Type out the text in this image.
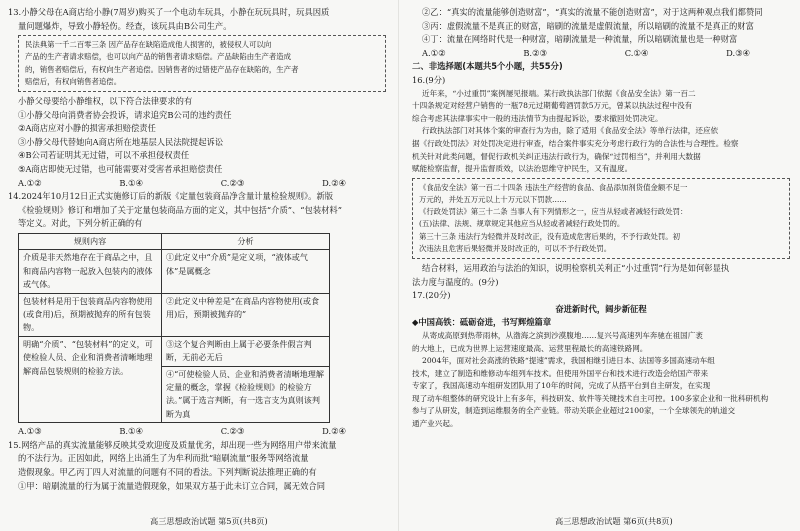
13.小静父母在A商店给小静(7周岁)购买了一个电动车玩具，小静在玩玩具时，玩具因质
量问题爆炸，导致小静轻伤。经查，该玩具由B公司生产。
民法典第一千二百零三条 因产品存在缺陷造成他人损害的，被侵权人可以向
产品的生产者请求赔偿，也可以向产品的销售者请求赔偿。产品缺陷由生产者造成
的，销售者赔偿后，有权向生产者追偿。因销售者的过错使产品存在缺陷的，生产者
赔偿后，有权向销售者追偿。
小静父母要给小静维权，以下符合法律要求的有
①小静父母向消费者协会投诉，请求追究B公司的违约责任
②A商店应对小静的损害承担赔偿责任
③小静父母代替她向A商店所在地基层人民法院提起诉讼
④B公司若证明其无过错，可以不承担侵权责任
⑤A商店即使无过错，也可能需要对受害者承担赔偿责任
A.①②	B.①④	C.②③	D.②④
14.2024年10月12日正式实施修订后的新版《定量包装商品净含量计量检验规则》。新版
《检验规则》修订和增加了关于定量包装商品方面的定义，其中包括“介质”、“包装材料”
等定义。对此，下列分析正确的有
规则内容	分析
介质是非天然地存在于商品之中，且和商品内容物一起放入包装内的液体或气体。	①此定义中“介质”是定义项，“液体或气体”是属概念
包装材料是用于包装商品内容物使用(或食用)后，预期被抛弃的所有包装物。	②此定义中种差是“在商品内容物使用(或食用)后，预期被抛弃的”
明确“介质”、“包装材料”的定义，可使检验人员、企业和消费者清晰地理解商品包装规则的检验方法。	③这个复合判断由上属于必要条件假言判断，无前必无后
	④“可使检验人员、企业和消费者清晰地理解定量的概念，掌握《检验规则》的检验方法。”属于选言判断，有一选言支为真则该判断为真
A.①③	B.①④	C.②③	D.②④
15.网络产品的真实流量能够反映其受欢迎度及质量优劣，却出现一些为网络用户带来流量
的不法行为。正因如此，网络上出涌生了为牟利而批“暗刷流量”服务等网络流量
造假现象。甲乙丙丁四人对流量的问题有不同的看法。下列判断说法推理正确的有
①甲：暗刷流量的行为属于流量造假现象，如果双方基于此未订立合同，属无效合同
高三思想政治试题 第5页(共8页)
②乙：“真实的流量能够创造财富”，“真实的流量不能创造财富”，对于这两种观点我们都赞同
③丙：虚假流量不是真正的财富，暗刷的流量是虚假流量，所以暗刷的流量不是真正的财富
④丁：流量在网络时代是一种财富，暗刷流量是一种流量，所以暗刷流量也是一种财富
A.①②	B.②③	C.①④	D.③④
二、非选择题(本题共5个小题，共55分)
16.(9分)
近年来，“小过重罚”案例屡见报端。某行政执法部门依据《食品安全法》第一百二
十四条规定对经营户销售的一瓶78元过期葡萄酒罚款5万元，曾某以执法过程中没有
综合考虑其法律事实中一般的违法情节为由提起诉讼，要求撤回处罚决定。
行政执法部门对其体个案的审查行为为由，除了适用《食品安全法》等单行法律，还应依
据《行政处罚法》对处罚决定进行审查，结合案件事实充分考虑行政行为的合法性与合理性。检察
机关针对此类问题，督促行政机关纠正违法行政行为，确保“过罚相当”，并利用大数据
赋能检察监督，提升监督质效，以法治思维守护民生，又有温度。
《食品安全法》第一百二十四条 违法生产经营的食品、食品添加剂货值金额不足一
万元的，并处五万元以上十万元以下罚款……
《行政处罚法》第三十二条 当事人有下列情形之一，应当从轻或者减轻行政处罚：
(五)法律、法规、规章规定其他应当从轻或者减轻行政处罚的。
第三十三条 违法行为轻微并及时改正，没有造成危害后果的，不予行政处罚。初
次违法且危害后果轻微并及时改正的，可以不予行政处罚。
结合材料，运用政治与法治的知识，说明检察机关利正“小过重罚”行为是如何彰显执
法力度与温度的。(9分)
17.(20分)
奋进新时代，阔步新征程
◆中国高铁：砥砺奋进，书写辉煌篇章
从寄成高原到热带雨林，从渤海之滨到沙漠腹地……复兴号高速列车奔驰在祖国广袤
的大地上，已成为世界上运营速度最高、运营里程最长的高速铁路网。
2004年，面对社会高涨的铁路“提速”需求，我国相继引进日本、法国等多国高速动车组
技术，建立了制造和维修动车组列车技术。但使用外国平台和技术进行改造会给国产带来
专家了，我国高速动车组研发团队用了10年的时间，完成了从搭平台到自主研发，在实现
现了动车组整体的研究设计上有多年，科技研发、软件等关键技术自主可控。100多家企业和一批科研机构
参与了从研发，制造到运维服务的全产业链。带动关联企业超过2100家，一个全球领先的轨道交
通产业兴起。
高三思想政治试题 第6页(共8页)
